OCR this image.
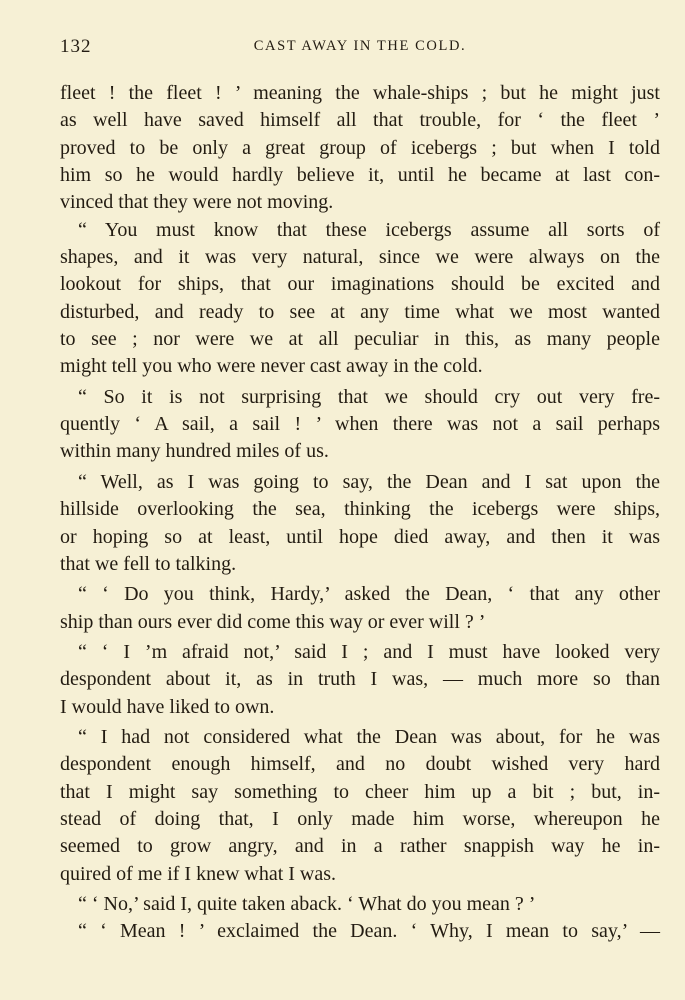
132	CAST AWAY IN THE COLD.
fleet ! the fleet ! ’ meaning the whale-ships ; but he might just
as well have saved himself all that trouble, for ‘ the fleet ’
proved to be only a great group of icebergs ; but when I told
him so he would hardly believe it, until he became at last con-
vinced that they were not moving.
“ You must know that these icebergs assume all sorts of
shapes, and it was very natural, since we were always on the
lookout for ships, that our imaginations should be excited and
disturbed, and ready to see at any time what we most wanted
to see ; nor were we at all peculiar in this, as many people
might tell you who were never cast away in the cold.
“ So it is not surprising that we should cry out very fre-
quently ‘ A sail, a sail ! ’ when there was not a sail perhaps
within many hundred miles of us.
“ Well, as I was going to say, the Dean and I sat upon the
hillside overlooking the sea, thinking the icebergs were ships,
or hoping so at least, until hope died away, and then it was
that we fell to talking.
“ ‘ Do you think, Hardy,’ asked the Dean, ‘ that any other
ship than ours ever did come this way or ever will ? ’
“ ‘ I ’m afraid not,’ said I ; and I must have looked very
despondent about it, as in truth I was, — much more so than
I would have liked to own.
“ I had not considered what the Dean was about, for he was
despondent enough himself, and no doubt wished very hard
that I might say something to cheer him up a bit ; but, in-
stead of doing that, I only made him worse, whereupon he
seemed to grow angry, and in a rather snappish way he in-
quired of me if I knew what I was.
“ ‘ No,’ said I, quite taken aback. ‘ What do you mean ? ’
“ ‘ Mean ! ’ exclaimed the Dean. ‘ Why, I mean to say,’ —
